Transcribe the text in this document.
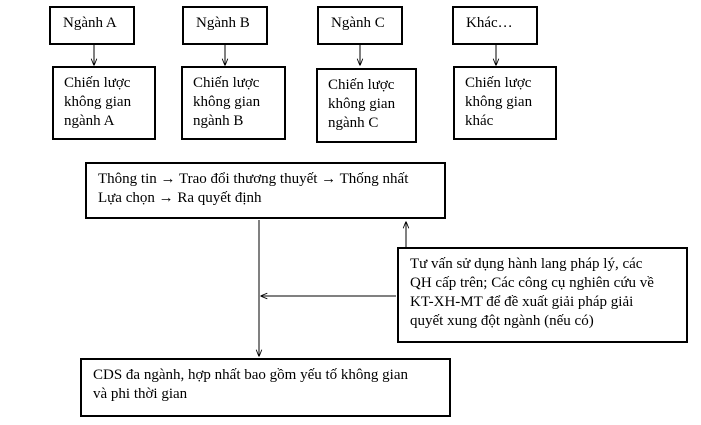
Ngành A	Ngành B	Ngành C	Khác…
Chiến lược
không gian
ngành A
Chiến lược
không gian
ngành B
Chiến lược
không gian
ngành C
Chiến lược
không gian
khác
Thông tin → Trao đổi thương thuyết → Thống nhất
Lựa chọn → Ra quyết định
Tư vấn sử dụng hành lang pháp lý, các
QH cấp trên; Các công cụ nghiên cứu về
KT-XH-MT để đề xuất giải pháp giải
quyết xung đột ngành (nếu có)
CDS đa ngành, hợp nhất bao gồm yếu tố không gian
và phi thời gian
